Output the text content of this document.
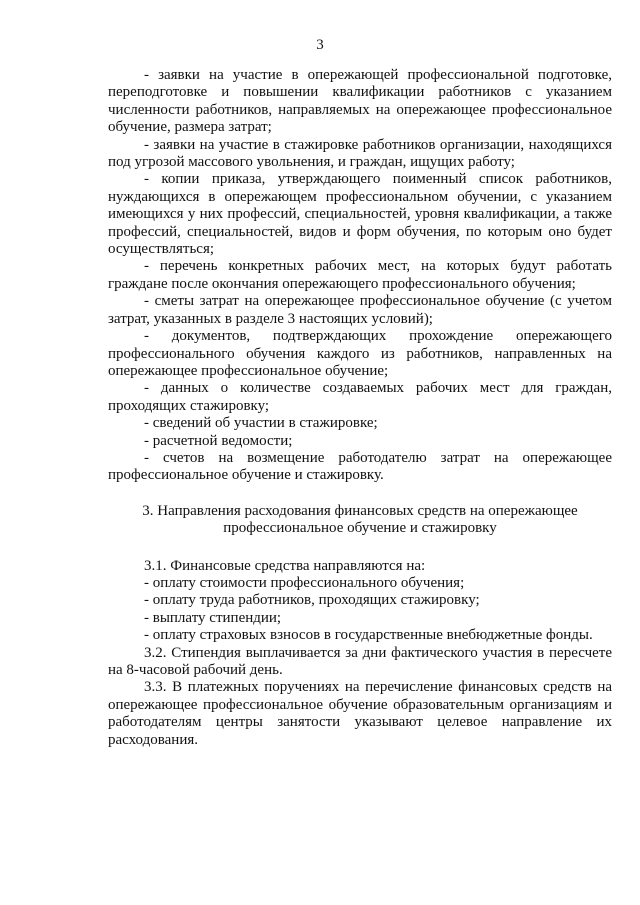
3

- заявки на участие в опережающей профессиональной подготовке, переподготовке и повышении квалификации работников с указанием численности работников, направляемых на опережающее профессиональное обучение, размера затрат;

- заявки на участие в стажировке работников организации, находящихся под угрозой массового увольнения, и граждан, ищущих работу;

- копии приказа, утверждающего поименный список работников, нуждающихся в опережающем профессиональном обучении, с указанием имеющихся у них профессий, специальностей, уровня квалификации, а также профессий, специальностей, видов и форм обучения, по которым оно будет осуществляться;

- перечень конкретных рабочих мест, на которых будут работать граждане после окончания опережающего профессионального обучения;

- сметы затрат на опережающее профессиональное обучение (с учетом затрат, указанных в разделе 3 настоящих условий);

- документов, подтверждающих прохождение опережающего профессионального обучения каждого из работников, направленных на опережающее профессиональное обучение;

- данных о количестве создаваемых рабочих мест для граждан, проходящих стажировку;

- сведений об участии в стажировке;

- расчетной ведомости;

- счетов на возмещение работодателю затрат на опережающее профессиональное обучение и стажировку.

3. Направления расходования финансовых средств на опережающее
профессиональное обучение и стажировку

3.1. Финансовые средства направляются на:

- оплату стоимости профессионального обучения;

- оплату труда работников, проходящих стажировку;

- выплату стипендии;

- оплату страховых взносов в государственные внебюджетные фонды.

3.2. Стипендия выплачивается за дни фактического участия в пересчете на 8-часовой рабочий день.

3.3. В платежных поручениях на перечисление финансовых средств на опережающее профессиональное обучение образовательным организациям и работодателям центры занятости указывают целевое направление их расходования.
